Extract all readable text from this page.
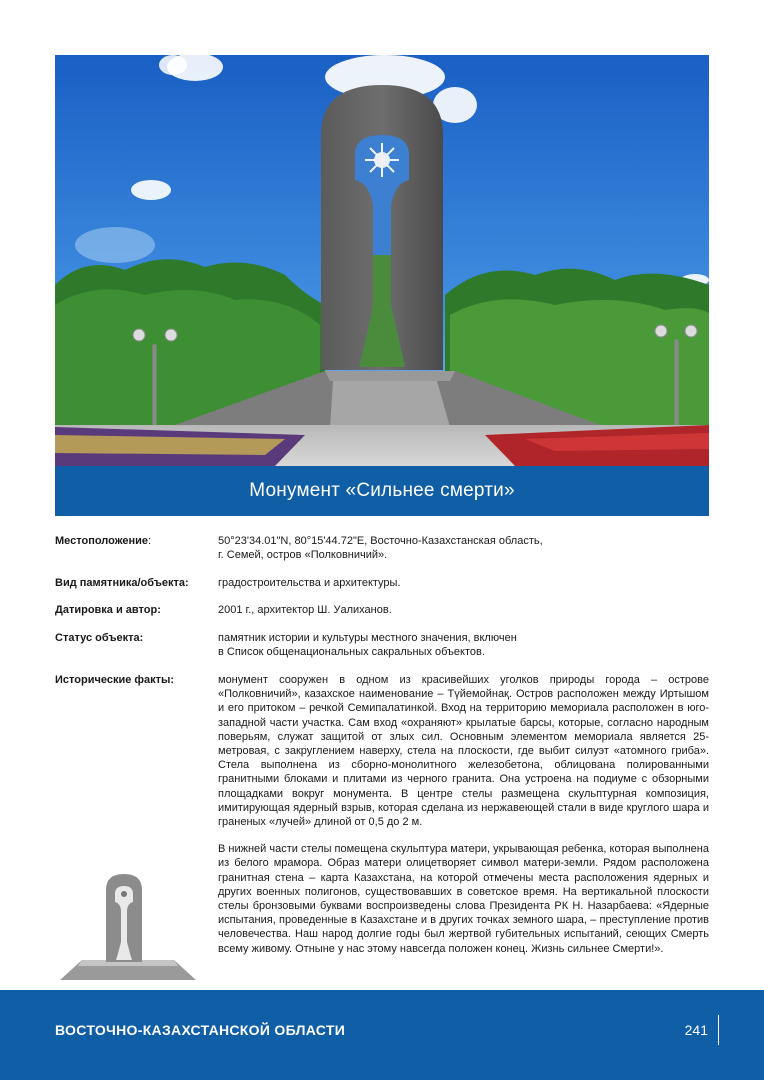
Монумент «Сильнее смерти»
Местоположение:	50°23'34.01"N, 80°15'44.72"E, Восточно-Казахстанская область,
г. Семей, остров «Полковничий».
Вид памятника/объекта:	градостроительства и архитектуры.
Датировка и автор:	2001 г., архитектор Ш. Уалиханов.
Статус объекта:	памятник истории и культуры местного значения, включен
в Список общенациональных сакральных объектов.
Исторические факты:	монумент сооружен в одном из красивейших уголков природы города – острове «Полковничий», казахское наименование – Түйемойнақ. Остров расположен между Иртышом и его притоком – речкой Семипалатинкой. Вход на территорию мемориала расположен в юго-западной части участка. Сам вход «охраняют» крылатые барсы, которые, согласно народным поверьям, служат защитой от злых сил. Основным элементом мемориала является 25-метровая, с закруглением наверху, стела на плоскости, где выбит силуэт «атомного гриба». Стела выполнена из сборно-монолитного железобетона, облицована полированными гранитными блоками и плитами из черного гранита. Она устроена на подиуме с обзорными площадками вокруг монумента. В центре стелы размещена скульптурная композиция, имитирующая ядерный взрыв, которая сделана из нержавеющей стали в виде круглого шара и граненых «лучей» длиной от 0,5 до 2 м.

В нижней части стелы помещена скульптура матери, укрывающая ребенка, которая выполнена из белого мрамора. Образ матери олицетворяет символ матери-земли. Рядом расположена гранитная стена – карта Казахстана, на которой отмечены места расположения ядерных и других военных полигонов, существовавших в советское время. На вертикальной плоскости стелы бронзовыми буквами воспроизведены слова Президента РК Н. Назарбаева: «Ядерные испытания, проведенные в Казахстане и в других точках земного шара, – преступление против человечества. Наш народ долгие годы был жертвой губительных испытаний, сеющих Смерть всему живому. Отныне у нас этому навсегда положен конец. Жизнь сильнее Смерти!».

ВОСТОЧНО-КАЗАХСТАНСКОЙ ОБЛАСТИ	241
